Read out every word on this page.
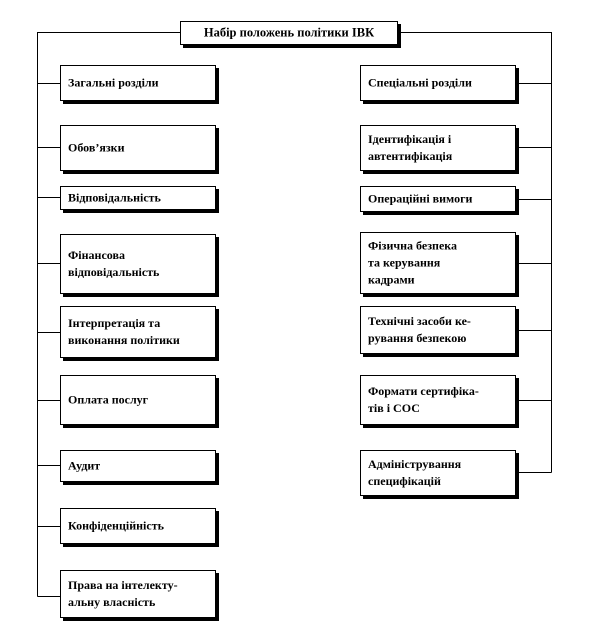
Набір положень політики ІВК
Загальні розділи
Обов’язки
Відповідальність
Фінансова
відповідальність
Інтерпретація та
виконання політики
Оплата послуг
Аудит
Конфіденційність
Права на інтелекту-
альну власність
Спеціальні розділи
Ідентифікація і
автентифікація
Операційні вимоги
Фізична безпека
та керування
кадрами
Технічні засоби ке-
рування безпекою
Формати сертифіка-
тів і СОС
Адміністрування
специфікацій
